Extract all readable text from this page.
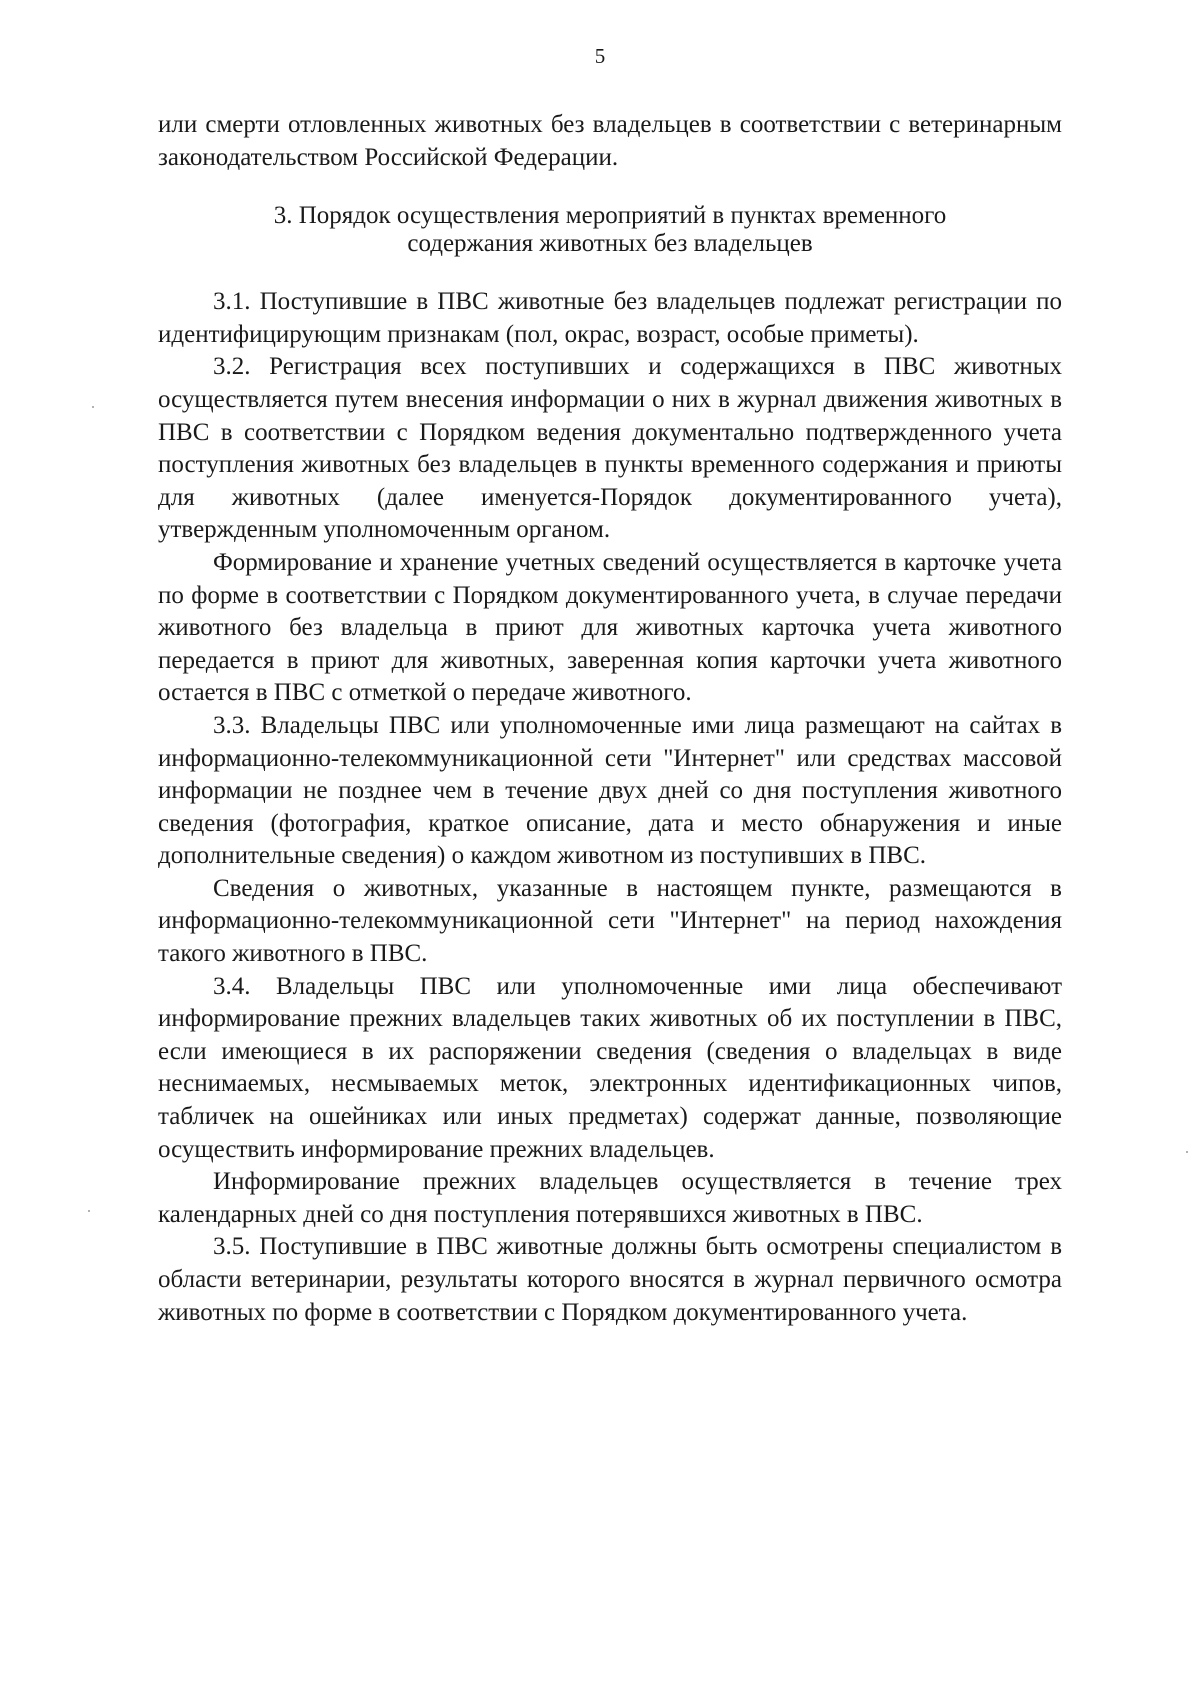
5

или смерти отловленных животных без владельцев в соответствии с ветеринарным законодательством Российской Федерации.

3. Порядок осуществления мероприятий в пунктах временного
содержания животных без владельцев

3.1. Поступившие в ПВС животные без владельцев подлежат регистрации по идентифицирующим признакам (пол, окрас, возраст, особые приметы).

3.2. Регистрация всех поступивших и содержащихся в ПВС животных осуществляется путем внесения информации о них в журнал движения животных в ПВС в соответствии с Порядком ведения документально подтвержденного учета поступления животных без владельцев в пункты временного содержания и приюты для животных (далее именуется-Порядок документированного учета), утвержденным уполномоченным органом.

Формирование и хранение учетных сведений осуществляется в карточке учета по форме в соответствии с Порядком документированного учета, в случае передачи животного без владельца в приют для животных карточка учета животного передается в приют для животных, заверенная копия карточки учета животного остается в ПВС с отметкой о передаче животного.

3.3. Владельцы ПВС или уполномоченные ими лица размещают на сайтах в информационно-телекоммуникационной сети "Интернет" или средствах массовой информации не позднее чем в течение двух дней со дня поступления животного сведения (фотография, краткое описание, дата и место обнаружения и иные дополнительные сведения) о каждом животном из поступивших в ПВС.

Сведения о животных, указанные в настоящем пункте, размещаются в информационно-телекоммуникационной сети "Интернет" на период нахождения такого животного в ПВС.

3.4. Владельцы ПВС или уполномоченные ими лица обеспечивают информирование прежних владельцев таких животных об их поступлении в ПВС, если имеющиеся в их распоряжении сведения (сведения о владельцах в виде неснимаемых, несмываемых меток, электронных идентификационных чипов, табличек на ошейниках или иных предметах) содержат данные, позволяющие осуществить информирование прежних владельцев.

Информирование прежних владельцев осуществляется в течение трех календарных дней со дня поступления потерявшихся животных в ПВС.

3.5. Поступившие в ПВС животные должны быть осмотрены специалистом в области ветеринарии, результаты которого вносятся в журнал первичного осмотра животных по форме в соответствии с Порядком документированного учета.
